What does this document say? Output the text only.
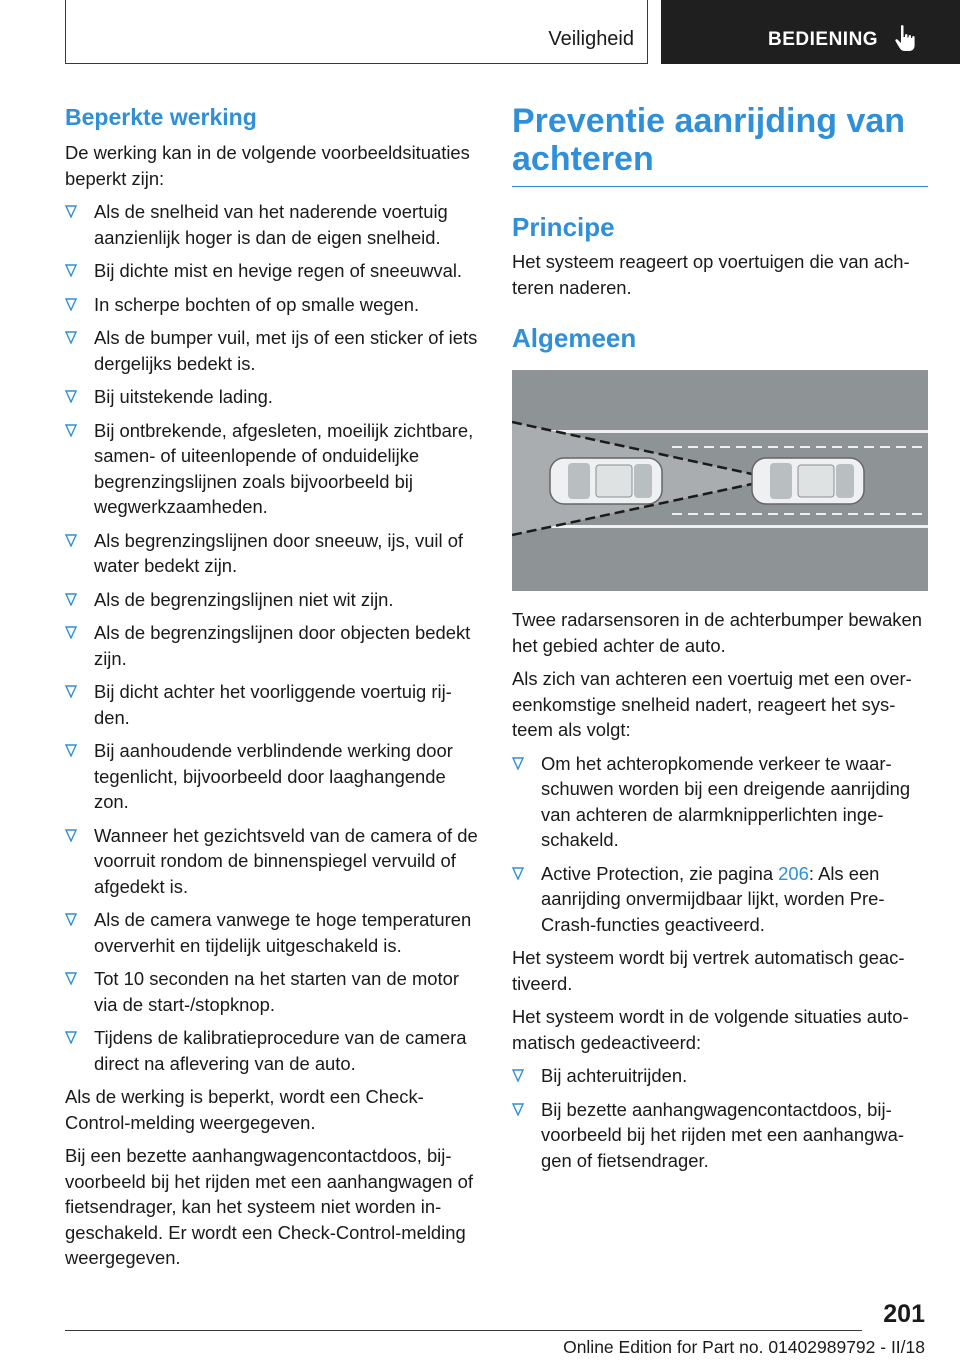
Veiligheid	BEDIENING
Beperkte werking

De werking kan in de volgende voorbeeldsituaties beperkt zijn:

Als de snelheid van het naderende voertuig aanzienlijk hoger is dan de eigen snelheid.
Bij dichte mist en hevige regen of sneeuwval.
In scherpe bochten of op smalle wegen.
Als de bumper vuil, met ijs of een sticker of iets dergelijks bedekt is.
Bij uitstekende lading.
Bij ontbrekende, afgesleten, moeilijk zichtbare, samen- of uiteenlopende of onduidelijke begrenzingslijnen zoals bijvoorbeeld bij wegwerkzaamheden.
Als begrenzingslijnen door sneeuw, ijs, vuil of water bedekt zijn.
Als de begrenzingslijnen niet wit zijn.
Als de begrenzingslijnen door objecten bedekt zijn.
Bij dicht achter het voorliggende voertuig rijden.
Bij aanhoudende verblindende werking door tegenlicht, bijvoorbeeld door laaghangende zon.
Wanneer het gezichtsveld van de camera of de voorruit rondom de binnenspiegel vervuild of afgedekt is.
Als de camera vanwege te hoge temperaturen oververhit en tijdelijk uitgeschakeld is.
Tot 10 seconden na het starten van de motor via de start-/stopknop.
Tijdens de kalibratieprocedure van de camera direct na aflevering van de auto.

Als de werking is beperkt, wordt een Check-Control-melding weergegeven.

Bij een bezette aanhangwagencontactdoos, bijvoorbeeld bij het rijden met een aanhangwagen of fietsendrager, kan het systeem niet worden ingeschakeld. Er wordt een Check-Control-melding weergegeven.

Preventie aanrijding van achteren
Principe

Het systeem reageert op voertuigen die van achteren naderen.

Algemeen

Twee radarsensoren in de achterbumper bewaken het gebied achter de auto.

Als zich van achteren een voertuig met een overeenkomstige snelheid nadert, reageert het systeem als volgt:

Om het achteropkomende verkeer te waarschuwen worden bij een dreigende aanrijding van achteren de alarmknipperlichten ingeschakeld.
Active Protection, zie pagina 206: Als een aanrijding onvermijdbaar lijkt, worden Pre-Crash-functies geactiveerd.

Het systeem wordt bij vertrek automatisch geactiveerd.

Het systeem wordt in de volgende situaties automatisch gedeactiveerd:

Bij achteruitrijden.
Bij bezette aanhangwagencontactdoos, bijvoorbeeld bij het rijden met een aanhangwagen of fietsendrager.
201
Online Edition for Part no. 01402989792 - II/18
